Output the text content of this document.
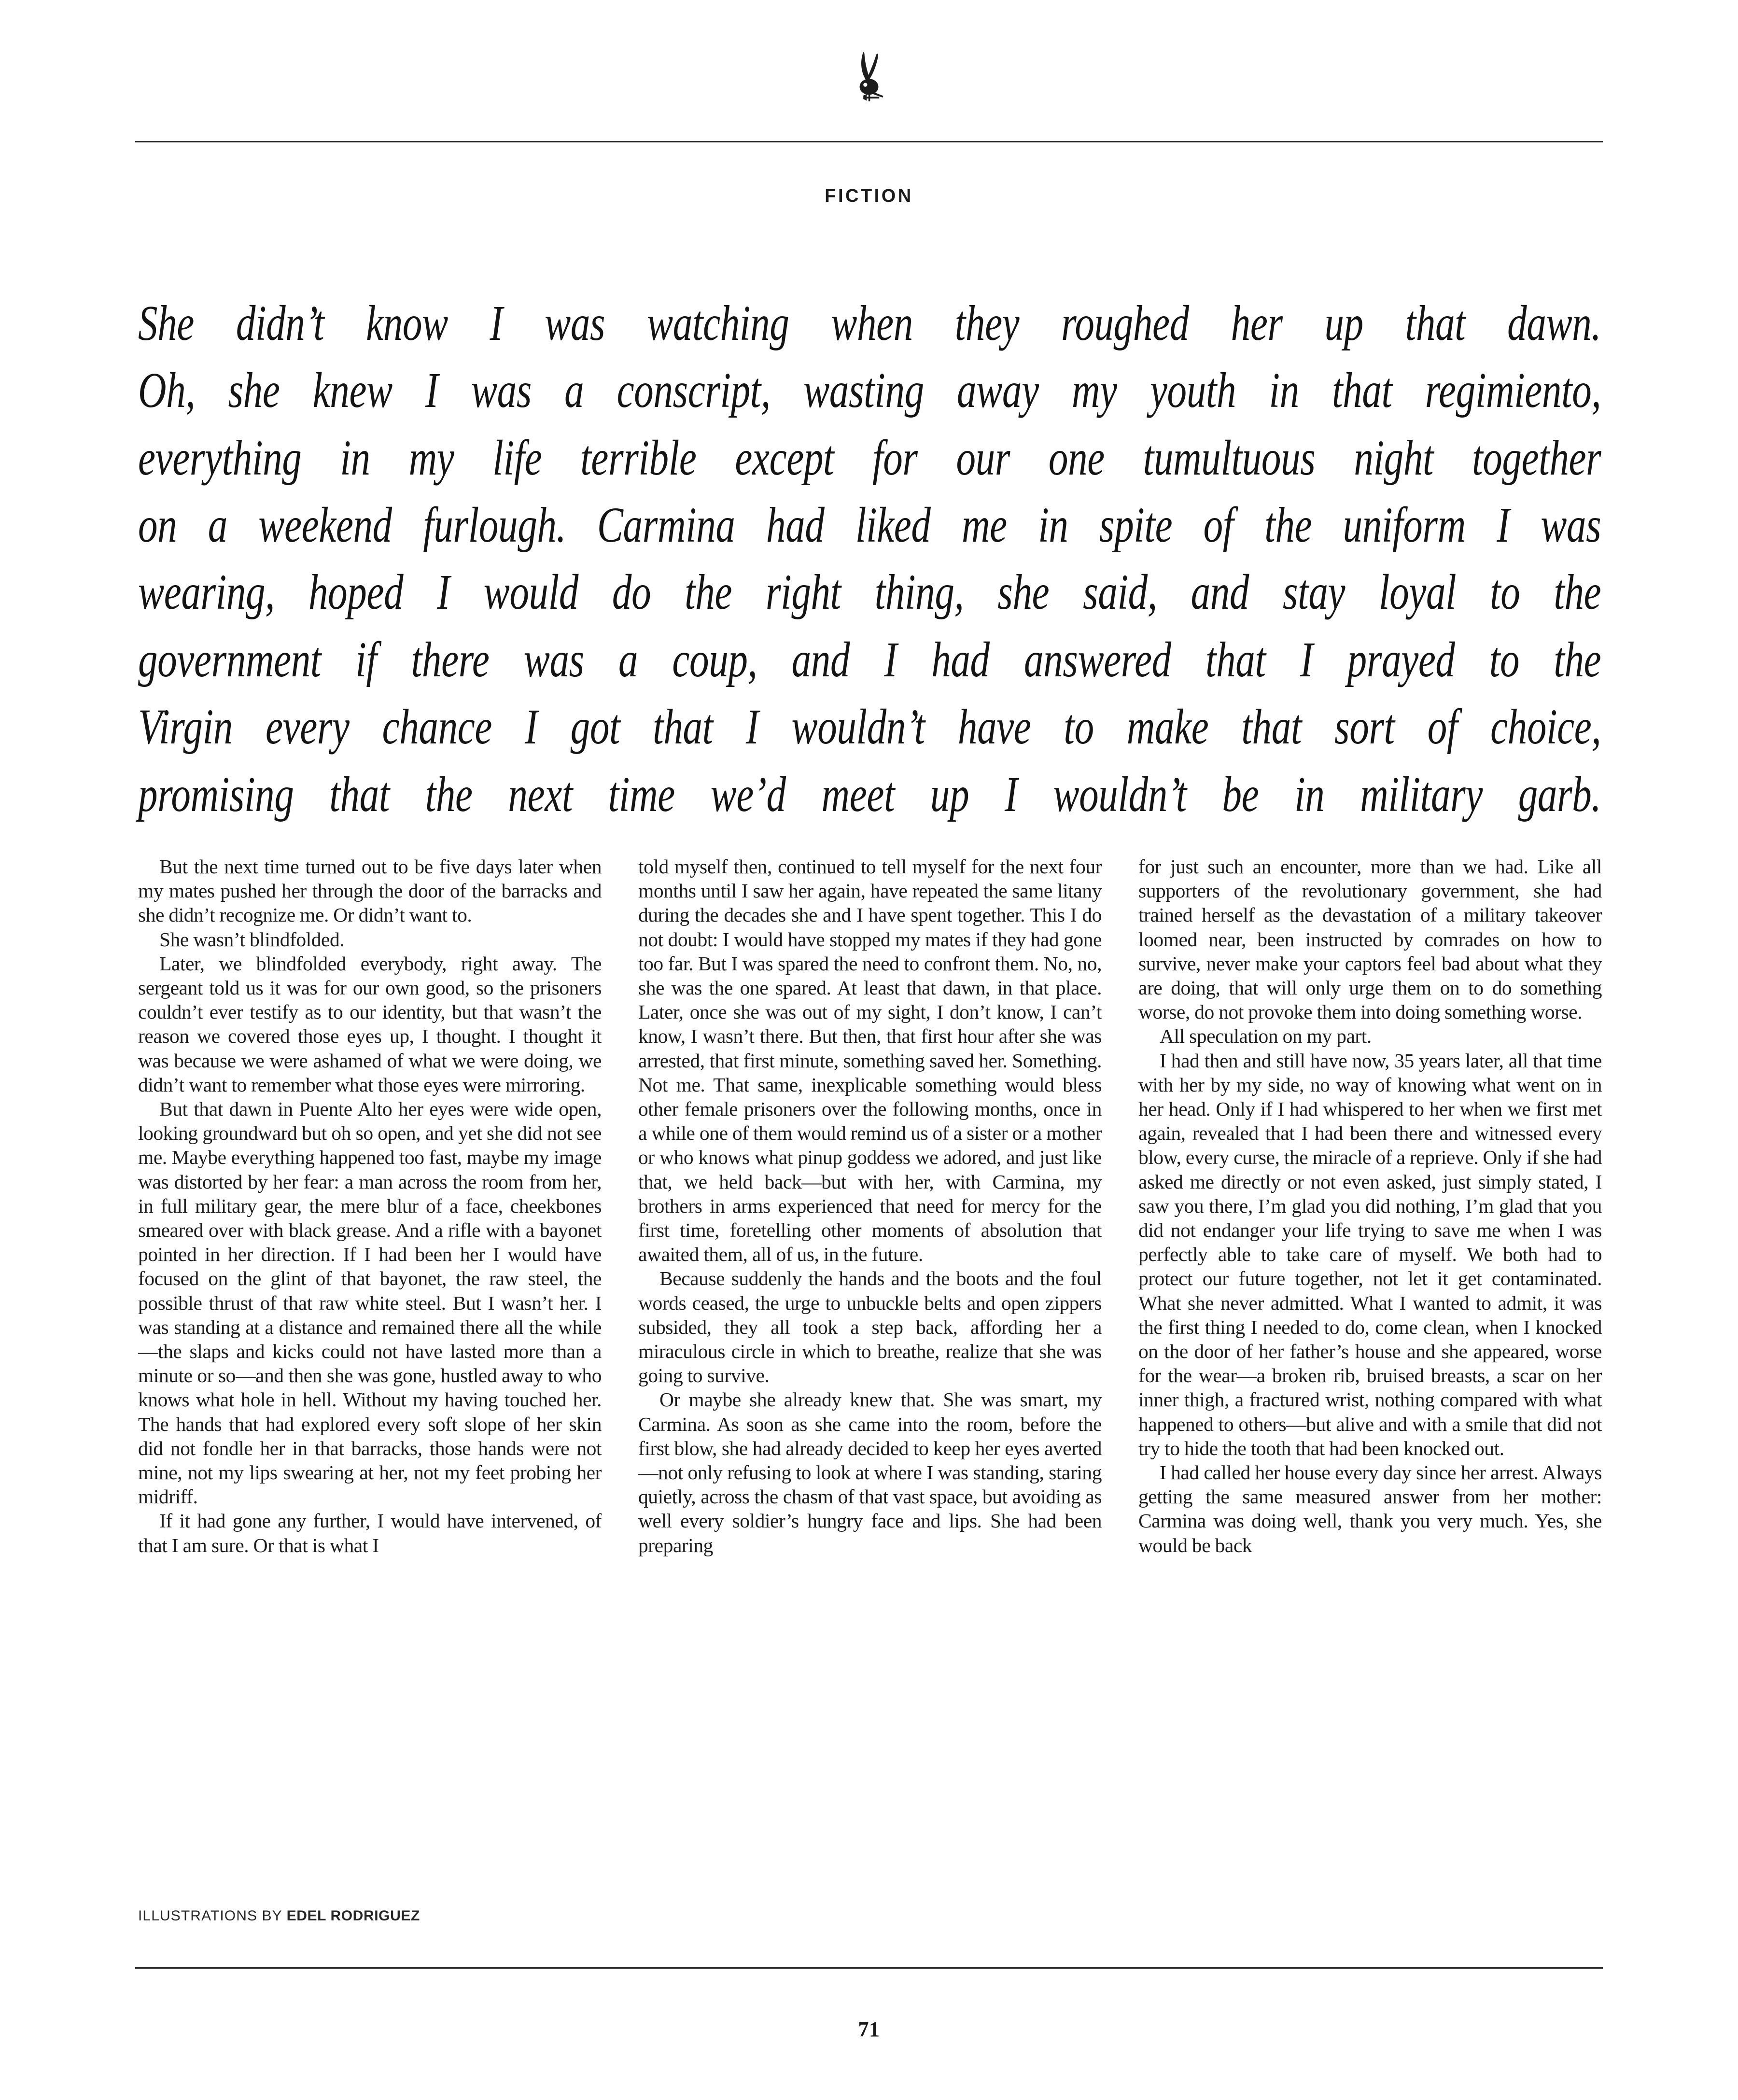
FICTION
She didn’t know I was watching when they roughed her up that dawn.
Oh, she knew I was a conscript, wasting away my youth in that regimiento,
everything in my life terrible except for our one tumultuous night together
on a weekend furlough. Carmina had liked me in spite of the uniform I was
wearing, hoped I would do the right thing, she said, and stay loyal to the
government if there was a coup, and I had answered that I prayed to the
Virgin every chance I got that I wouldn’t have to make that sort of choice,
promising that the next time we’d meet up I wouldn’t be in military garb.

But the next time turned out to be five days later when my mates pushed her through the door of the barracks and she didn’t recognize me. Or didn’t want to.

She wasn’t blindfolded.

Later, we blindfolded everybody, right away. The sergeant told us it was for our own good, so the prisoners couldn’t ever testify as to our identity, but that wasn’t the reason we covered those eyes up, I thought. I thought it was because we were ashamed of what we were doing, we didn’t want to remember what those eyes were mirroring.

But that dawn in Puente Alto her eyes were wide open, looking groundward but oh so open, and yet she did not see me. Maybe everything happened too fast, maybe my image was distorted by her fear: a man across the room from her, in full military gear, the mere blur of a face, cheekbones smeared over with black grease. And a rifle with a bayonet pointed in her direction. If I had been her I would have focused on the glint of that bayonet, the raw steel, the possible thrust of that raw white steel. But I wasn’t her. I was standing at a distance and remained there all the while—the slaps and kicks could not have lasted more than a minute or so—and then she was gone, hustled away to who knows what hole in hell. Without my having touched her. The hands that had explored every soft slope of her skin did not fondle her in that barracks, those hands were not mine, not my lips swearing at her, not my feet probing her midriff.

If it had gone any further, I would have intervened, of that I am sure. Or that is what I

told myself then, continued to tell myself for the next four months until I saw her again, have repeated the same litany during the decades she and I have spent together. This I do not doubt: I would have stopped my mates if they had gone too far. But I was spared the need to confront them. No, no, she was the one spared. At least that dawn, in that place. Later, once she was out of my sight, I don’t know, I can’t know, I wasn’t there. But then, that first hour after she was arrested, that first minute, something saved her. Something. Not me. That same, inexplicable something would bless other female prisoners over the following months, once in a while one of them would remind us of a sister or a mother or who knows what pinup goddess we adored, and just like that, we held back—but with her, with Carmina, my brothers in arms experienced that need for mercy for the first time, foretelling other moments of absolution that awaited them, all of us, in the future.

Because suddenly the hands and the boots and the foul words ceased, the urge to unbuckle belts and open zippers subsided, they all took a step back, affording her a miraculous circle in which to breathe, realize that she was going to survive.

Or maybe she already knew that. She was smart, my Carmina. As soon as she came into the room, before the first blow, she had already decided to keep her eyes averted—not only refusing to look at where I was standing, staring quietly, across the chasm of that vast space, but avoiding as well every soldier’s hungry face and lips. She had been preparing

for just such an encounter, more than we had. Like all supporters of the revolutionary government, she had trained herself as the devastation of a military takeover loomed near, been instructed by comrades on how to survive, never make your captors feel bad about what they are doing, that will only urge them on to do something worse, do not provoke them into doing something worse.

All speculation on my part.

I had then and still have now, 35 years later, all that time with her by my side, no way of knowing what went on in her head. Only if I had whispered to her when we first met again, revealed that I had been there and witnessed every blow, every curse, the miracle of a reprieve. Only if she had asked me directly or not even asked, just simply stated, I saw you there, I’m glad you did nothing, I’m glad that you did not endanger your life trying to save me when I was perfectly able to take care of myself. We both had to protect our future together, not let it get contaminated. What she never admitted. What I wanted to admit, it was the first thing I needed to do, come clean, when I knocked on the door of her father’s house and she appeared, worse for the wear—a broken rib, bruised breasts, a scar on her inner thigh, a fractured wrist, nothing compared with what happened to others—but alive and with a smile that did not try to hide the tooth that had been knocked out.

I had called her house every day since her arrest. Always getting the same measured answer from her mother: Carmina was doing well, thank you very much. Yes, she would be back

ILLUSTRATIONS BY EDEL RODRIGUEZ
71
